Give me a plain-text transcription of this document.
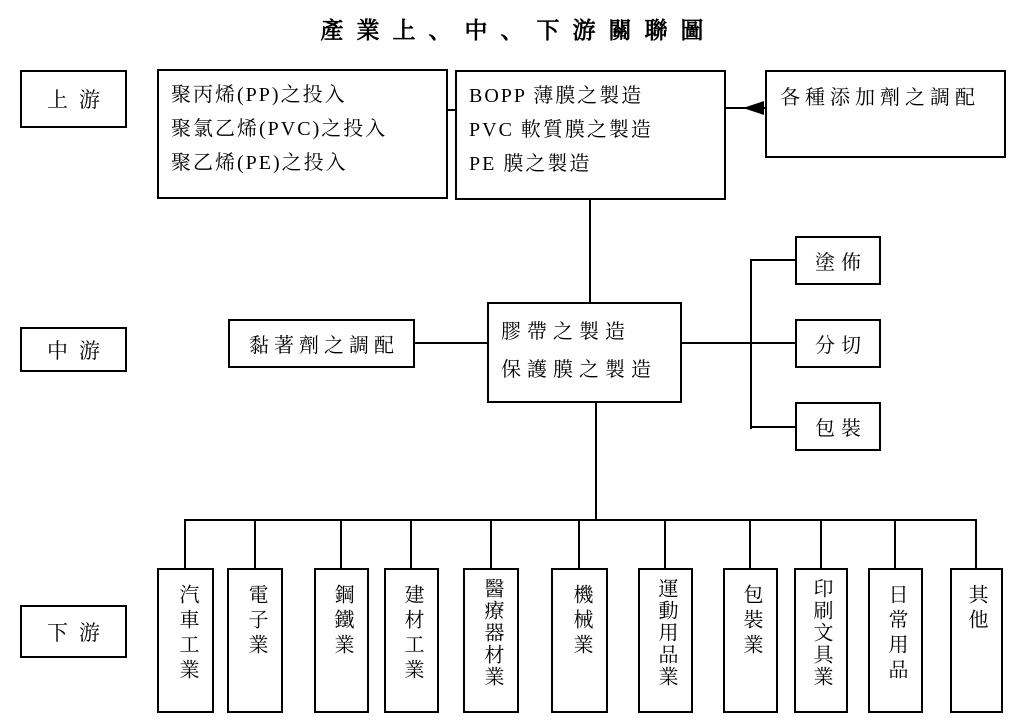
產業上、中、下游關聯圖
上游
中游
下游
聚丙烯(PP)之投入
聚氯乙烯(PVC)之投入
聚乙烯(PE)之投入
BOPP 薄膜之製造
PVC 軟質膜之製造
PE 膜之製造
各種添加劑之調配
黏著劑之調配
膠帶之製造
保護膜之製造
塗佈
分切
包裝
汽車工業	電子業	鋼鐵業	建材工業	醫療器材業	機械業	運動用品業	包裝業	印刷文具業	日常用品	其他
